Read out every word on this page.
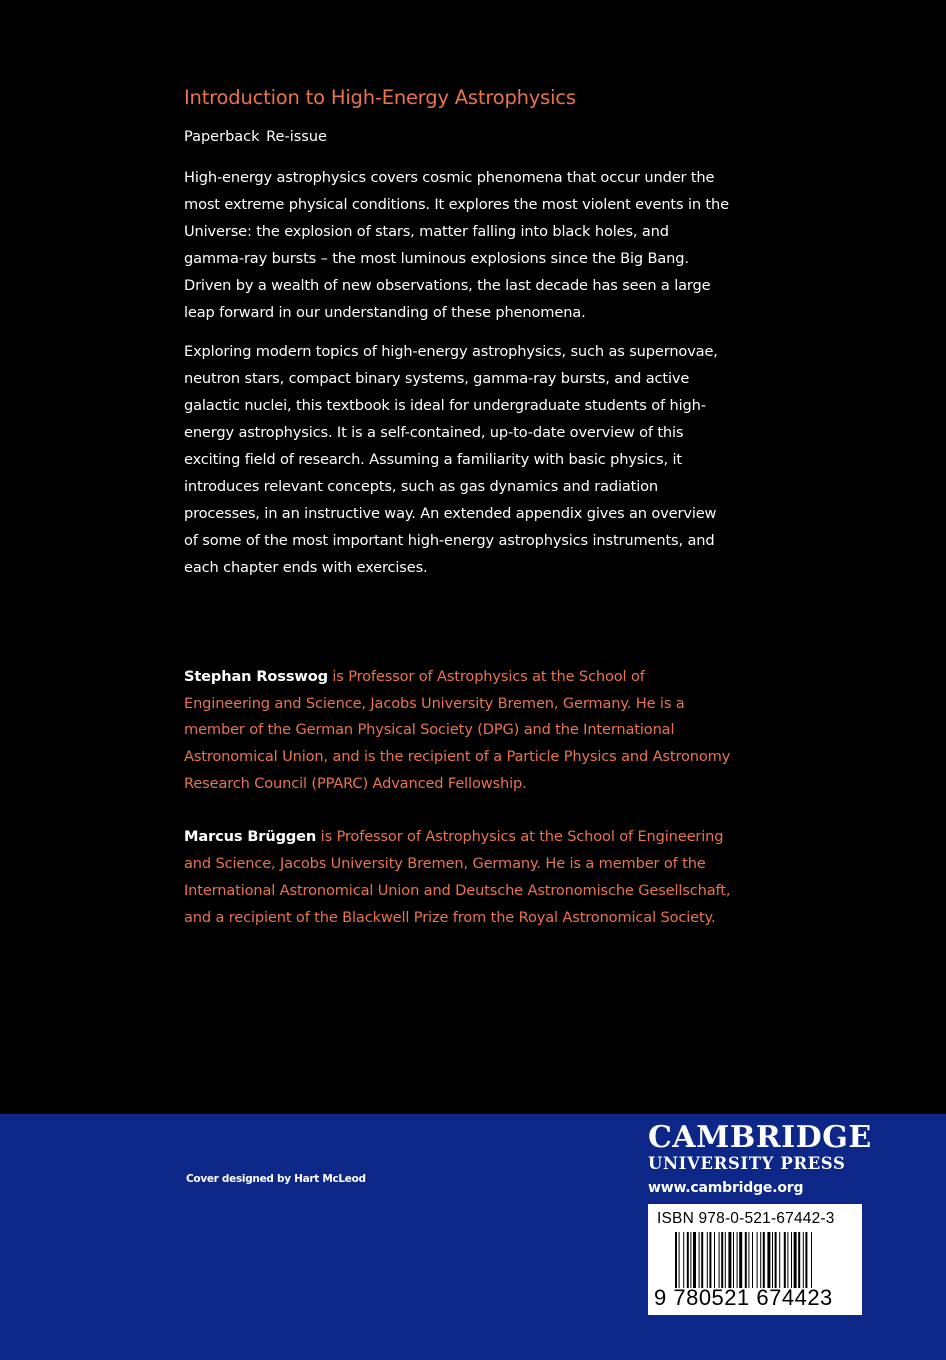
Introduction to High-Energy Astrophysics
Paperback Re-issue

High-energy astrophysics covers cosmic phenomena that occur under the most extreme physical conditions. It explores the most violent events in the Universe: the explosion of stars, matter falling into black holes, and gamma-ray bursts – the most luminous explosions since the Big Bang. Driven by a wealth of new observations, the last decade has seen a large leap forward in our understanding of these phenomena.

Exploring modern topics of high-energy astrophysics, such as supernovae, neutron stars, compact binary systems, gamma-ray bursts, and active galactic nuclei, this textbook is ideal for undergraduate students of high-energy astrophysics. It is a self-contained, up-to-date overview of this exciting field of research. Assuming a familiarity with basic physics, it introduces relevant concepts, such as gas dynamics and radiation processes, in an instructive way. An extended appendix gives an overview of some of the most important high-energy astrophysics instruments, and each chapter ends with exercises.

Stephan Rosswog is Professor of Astrophysics at the School of Engineering and Science, Jacobs University Bremen, Germany. He is a member of the German Physical Society (DPG) and the International Astronomical Union, and is the recipient of a Particle Physics and Astronomy Research Council (PPARC) Advanced Fellowship.

Marcus Brüggen is Professor of Astrophysics at the School of Engineering and Science, Jacobs University Bremen, Germany. He is a member of the International Astronomical Union and Deutsche Astronomische Gesellschaft, and a recipient of the Blackwell Prize from the Royal Astronomical Society.

Cover designed by Hart McLeod
CAMBRIDGE
UNIVERSITY PRESS
www.cambridge.org
ISBN 978-0-521-67442-3
9 780521 674423
